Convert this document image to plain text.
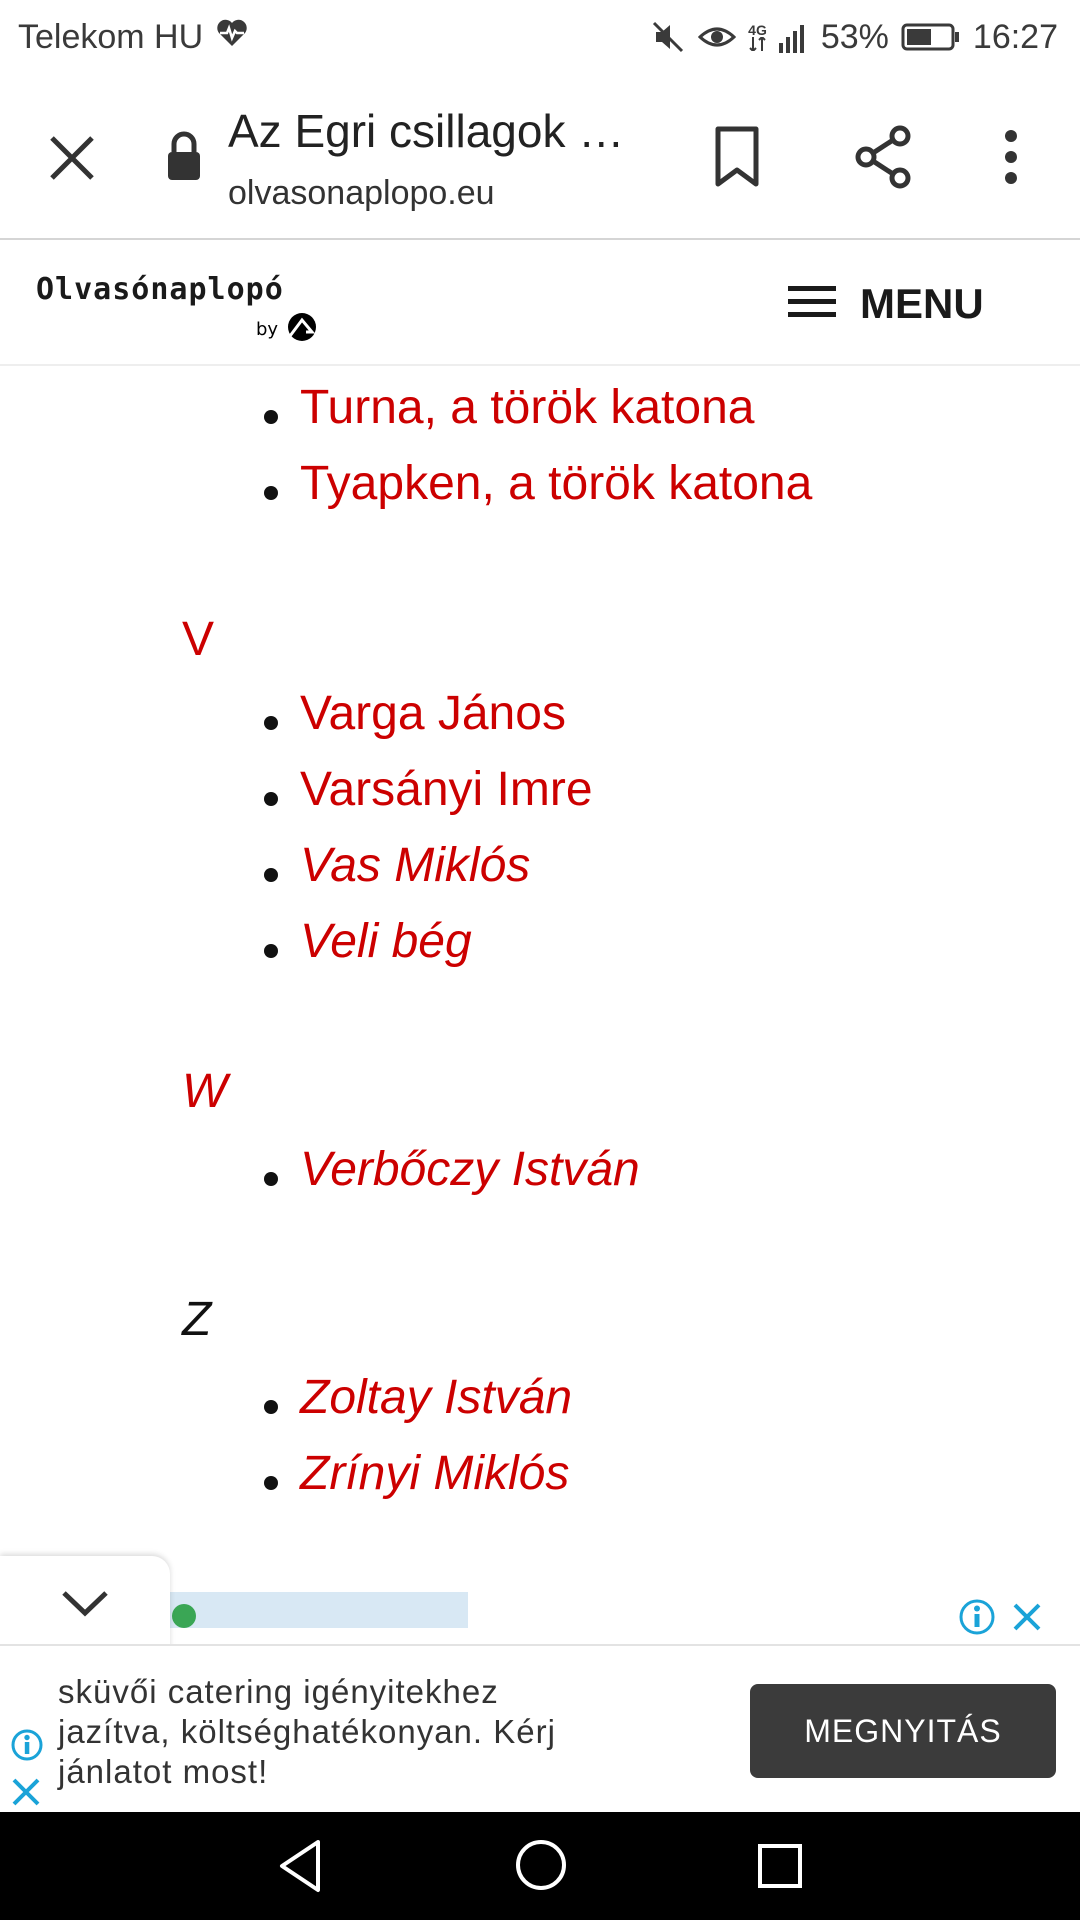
Telekom HU	4G 53% 16:27
Az Egri csillagok …
olvasonaplopo.eu
Olvasónaplopó
by
MENU
Turna, a török katona
Tyapken, a török katona
V
Varga János
Varsányi Imre
Vas Miklós
Veli bég
W
Verbőczy István
Z
Zoltay István
Zrínyi Miklós
sküvői catering igényitekhez
jazítva, költséghatékonyan. Kérj
jánlatot most!
MEGNYITÁS
